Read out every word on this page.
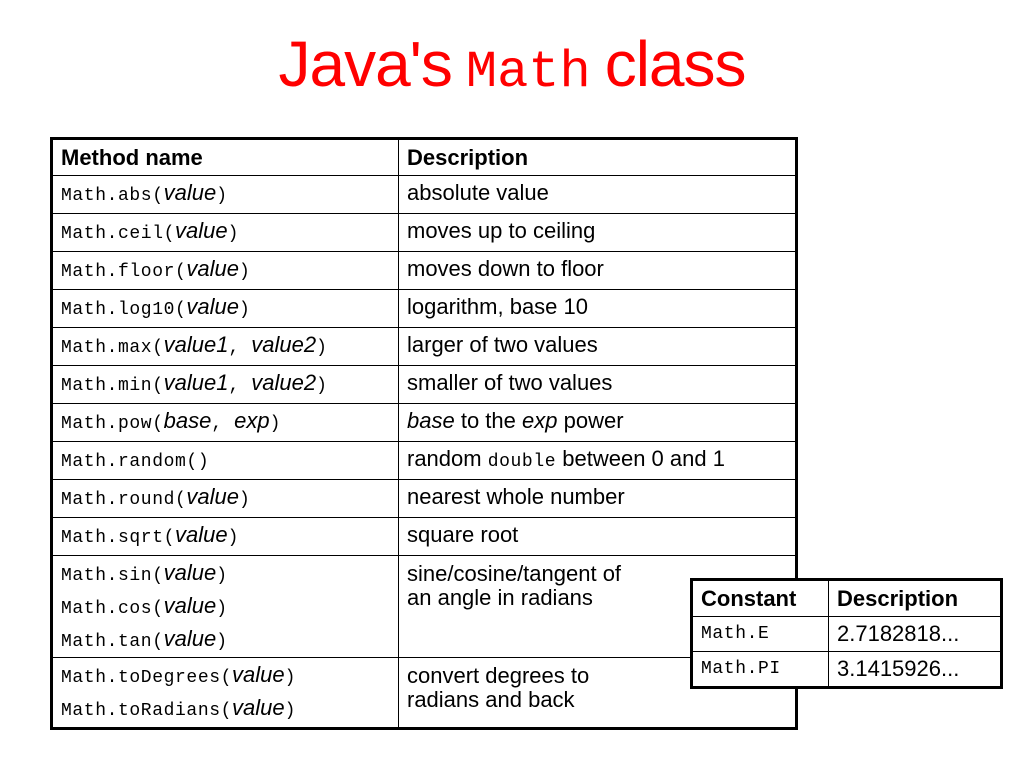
Java's Math class
Method name	Description
Math.abs(value)	absolute value
Math.ceil(value)	moves up to ceiling
Math.floor(value)	moves down to floor
Math.log10(value)	logarithm, base 10
Math.max(value1, value2)	larger of two values
Math.min(value1, value2)	smaller of two values
Math.pow(base, exp)	base to the exp power
Math.random()	random double between 0 and 1
Math.round(value)	nearest whole number
Math.sqrt(value)	square root
Math.sin(value)
Math.cos(value)
Math.tan(value)	sine/cosine/tangent of
an angle in radians
Math.toDegrees(value)
Math.toRadians(value)	convert degrees to
radians and back
Constant	Description
Math.E	2.7182818...
Math.PI	3.1415926...
